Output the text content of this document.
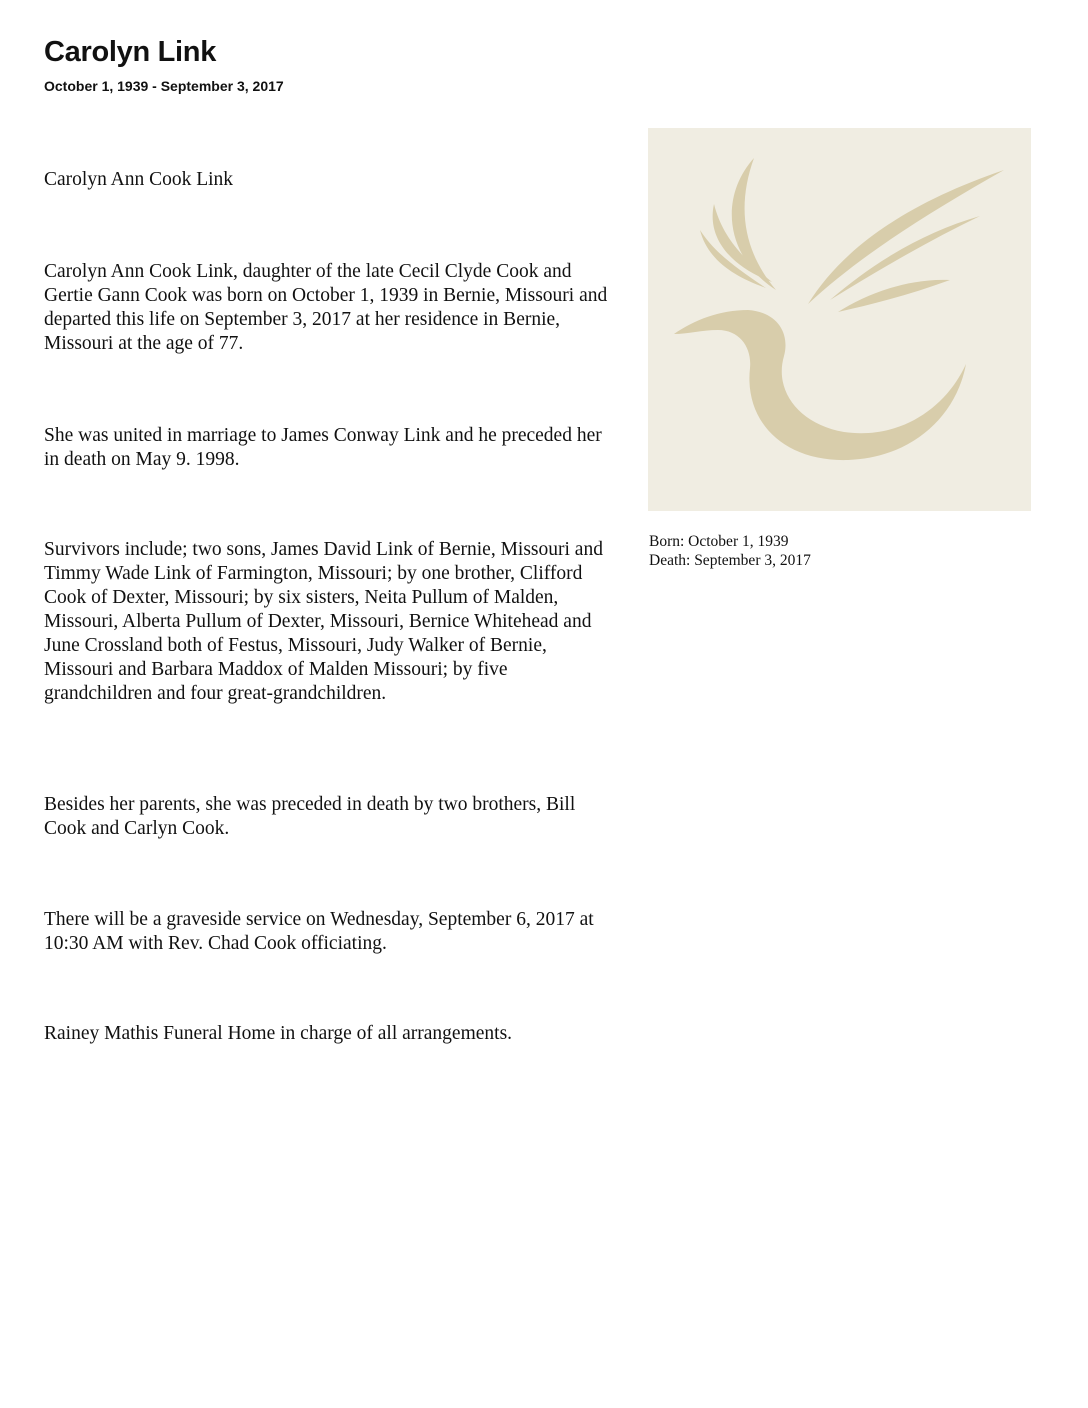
Carolyn Link
October 1, 1939 - September 3, 2017

Carolyn Ann Cook Link

Carolyn Ann Cook Link, daughter of the late Cecil Clyde Cook and Gertie Gann Cook was born on October 1, 1939 in Bernie, Missouri and departed this life on September 3, 2017 at her residence in Bernie, Missouri at the age of 77.

She was united in marriage to James Conway Link and he preceded her in death on May 9. 1998.

Survivors include; two sons, James David Link of Bernie, Missouri and Timmy Wade Link of Farmington, Missouri; by one brother, Clifford Cook of Dexter, Missouri; by six sisters, Neita Pullum of Malden, Missouri, Alberta Pullum of Dexter, Missouri, Bernice Whitehead and June Crossland both of Festus, Missouri, Judy Walker of Bernie, Missouri and Barbara Maddox of Malden Missouri; by five grandchildren and four great-grandchildren.

Besides her parents, she was preceded in death by two brothers, Bill Cook and Carlyn Cook.

There will be a graveside service on Wednesday, September 6, 2017 at 10:30 AM with Rev. Chad Cook officiating.

Rainey Mathis Funeral Home in charge of all arrangements.

Born: October 1, 1939
Death: September 3, 2017
